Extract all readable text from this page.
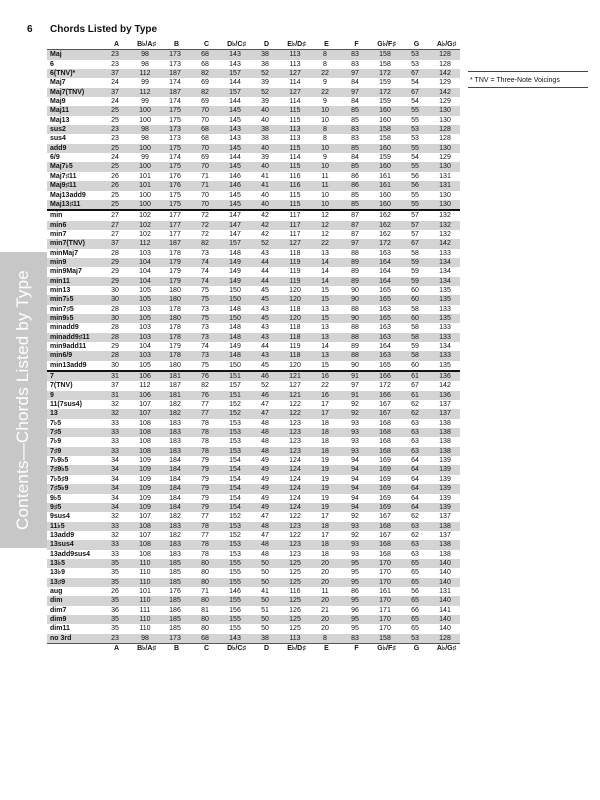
6 Chords Listed by Type
Contents—Chords Listed by Type
* TNV = Three-Note Voicings
	A	B♭/A♯	B	C	D♭/C♯	D	E♭/D♯	E	F	G♭/F♯	G	A♭/G♯
Maj	23	98	173	68	143	38	113	8	83	158	53	128
6	23	98	173	68	143	38	113	8	83	158	53	128
6(TNV)*	37	112	187	82	157	52	127	22	97	172	67	142
Maj7	24	99	174	69	144	39	114	9	84	159	54	129
Maj7(TNV)	37	112	187	82	157	52	127	22	97	172	67	142
Maj9	24	99	174	69	144	39	114	9	84	159	54	129
Maj11	25	100	175	70	145	40	115	10	85	160	55	130
Maj13	25	100	175	70	145	40	115	10	85	160	55	130
sus2	23	98	173	68	143	38	113	8	83	158	53	128
sus4	23	98	173	68	143	38	113	8	83	158	53	128
add9	25	100	175	70	145	40	115	10	85	160	55	130
6/9	24	99	174	69	144	39	114	9	84	159	54	129
Maj7♭5	25	100	175	70	145	40	115	10	85	160	55	130
Maj7♯11	26	101	176	71	146	41	116	11	86	161	56	131
Maj9♯11	26	101	176	71	146	41	116	11	86	161	56	131
Maj13add9	25	100	175	70	145	40	115	10	85	160	55	130
Maj13♯11	25	100	175	70	145	40	115	10	85	160	55	130
min	27	102	177	72	147	42	117	12	87	162	57	132
min6	27	102	177	72	147	42	117	12	87	162	57	132
min7	27	102	177	72	147	42	117	12	87	162	57	132
min7(TNV)	37	112	187	82	157	52	127	22	97	172	67	142
minMaj7	28	103	178	73	148	43	118	13	88	163	58	133
min9	29	104	179	74	149	44	119	14	89	164	59	134
min9Maj7	29	104	179	74	149	44	119	14	89	164	59	134
min11	29	104	179	74	149	44	119	14	89	164	59	134
min13	30	105	180	75	150	45	120	15	90	165	60	135
min7♭5	30	105	180	75	150	45	120	15	90	165	60	135
min7♯5	28	103	178	73	148	43	118	13	88	163	58	133
min9♭5	30	105	180	75	150	45	120	15	90	165	60	135
minadd9	28	103	178	73	148	43	118	13	88	163	58	133
minadd9♯11	28	103	178	73	148	43	118	13	88	163	58	133
min9add11	29	104	179	74	149	44	119	14	89	164	59	134
min6/9	28	103	178	73	148	43	118	13	88	163	58	133
min13add9	30	105	180	75	150	45	120	15	90	165	60	135
7	31	106	181	76	151	46	121	16	91	166	61	136
7(TNV)	37	112	187	82	157	52	127	22	97	172	67	142
9	31	106	181	76	151	46	121	16	91	166	61	136
11(7sus4)	32	107	182	77	152	47	122	17	92	167	62	137
13	32	107	182	77	152	47	122	17	92	167	62	137
7♭5	33	108	183	78	153	48	123	18	93	168	63	138
7♯5	33	108	183	78	153	48	123	18	93	168	63	138
7♭9	33	108	183	78	153	48	123	18	93	168	63	138
7♯9	33	108	183	78	153	48	123	18	93	168	63	138
7♭9♭5	34	109	184	79	154	49	124	19	94	169	64	139
7♯9♭5	34	109	184	79	154	49	124	19	94	169	64	139
7♭5♯9	34	109	184	79	154	49	124	19	94	169	64	139
7♯5♭9	34	109	184	79	154	49	124	19	94	169	64	139
9♭5	34	109	184	79	154	49	124	19	94	169	64	139
9♯5	34	109	184	79	154	49	124	19	94	169	64	139
9sus4	32	107	182	77	152	47	122	17	92	167	62	137
11♭5	33	108	183	78	153	48	123	18	93	168	63	138
13add9	32	107	182	77	152	47	122	17	92	167	62	137
13sus4	33	108	183	78	153	48	123	18	93	168	63	138
13add9sus4	33	108	183	78	153	48	123	18	93	168	63	138
13♭5	35	110	185	80	155	50	125	20	95	170	65	140
13♭9	35	110	185	80	155	50	125	20	95	170	65	140
13♯9	35	110	185	80	155	50	125	20	95	170	65	140
aug	26	101	176	71	146	41	116	11	86	161	56	131
dim	35	110	185	80	155	50	125	20	95	170	65	140
dim7	36	111	186	81	156	51	126	21	96	171	66	141
dim9	35	110	185	80	155	50	125	20	95	170	65	140
dim11	35	110	185	80	155	50	125	20	95	170	65	140
no 3rd	23	98	173	68	143	38	113	8	83	158	53	128
	A	B♭/A♯	B	C	D♭/C♯	D	E♭/D♯	E	F	G♭/F♯	G	A♭/G♯
